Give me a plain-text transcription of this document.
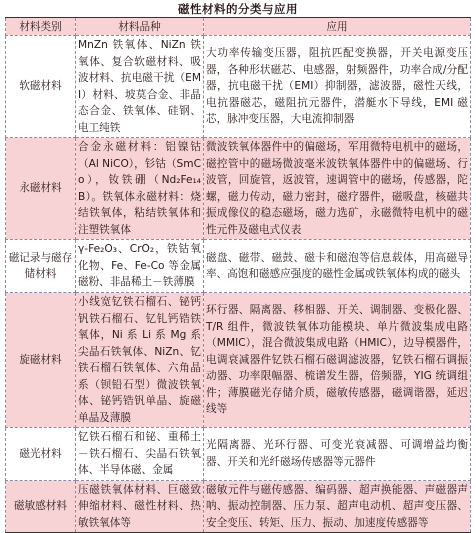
磁性材料的分类与应用
材料类别	材料品种	应用
软磁材料	MnZn 铁氧体、NiZn 铁氧体、复合软磁材料、吸波材料、抗电磁干扰（EMI）材料、坡莫合金、非晶态合金、铁氧体、硅钢、电工纯铁	大功率传输变压器，阻抗匹配变换器，开关电源变压器，各种形状磁芯、电感器，射频器件，功率合成/分配器，抗电磁干扰（EMI）抑制器，滤波器，磁性天线，电抗器磁芯，磁阻抗元器件，潜艇水下导线，EMI 磁芯，脉冲变压器，大电流抑制器
永磁材料	合金永磁材料：铝镍钴（Al NiCO），钐钴（SmCo），钕铁硼（Nd₂Fe₁₄B）。铁氧体永磁材料：烧结铁氧体，粘结铁氧体和注塑铁氧体	微波铁氧体器件中的偏磁场，军用微特电机中的磁场，磁控管中的磁场微波毫米波铁氧体器件中的偏磁场、行波管，回旋管，返波管，速调管中的磁场，传感器，陀螺，磁力传动，磁力密封，磁疗器件，磁吸盘，核磁共振成像仪的稳态磁场，磁力选矿，永磁微特电机中的磁性元件及磁电式仪表
磁记录与磁存储材料	γ-Fe₂O₃、CrO₂，铁钴氧化物、Fe、Fe-Co 等金属磁粉、非晶稀土－铁薄膜	磁盘、磁带、磁鼓、磁卡和磁泡等信息载体，用高磁导率、高饱和磁感应强度的磁性金属或铁氧体构成的磁头
旋磁材料	小线宽钇铁石榴石、铋钙钒铁石榴石、钇钆钙锆铁氧体，Ni 系 Li 系 Mg 系尖晶石铁氧体、NiZn、钇铁石榴石铁氧体、六角晶系（钡铅石型）微波铁氧体、铋钙锆钒单晶、旋磁单晶及薄膜	环行器、隔离器、移相器、开关、调制器、变极化器、T/R 组件，微波铁氧体功能模块、单片微波集成电路（MMIC），混合微波集成电路（HMIC），边导模器件，电调衰减器件钇铁石榴石磁调滤波器，钇铁石榴石调振动器、功率限幅器、梳谱发生器，倍频器，YIG 统调组件；薄膜磁光存储介质，磁敏传感器，磁调谐器，延迟线等
磁光材料	钇铁石榴石和铋、重稀土－铁石榴石、尖晶石铁氧体、半导体磁、金属	光隔离器、光环行器、可变光衰减器、可调增益均衡器、开关和光纤磁场传感器等元器件
磁敏感材料	压磁铁氧体材料、巨磁致伸缩材料、磁性材料、热敏铁氧体等	磁敏元件与磁传感器、编码器、超声换能器、声磁器声呐、振动控制器、压力泵、超声电动机、超声变压器、安全变压、转矩、压力、振动、加速度传感器等
